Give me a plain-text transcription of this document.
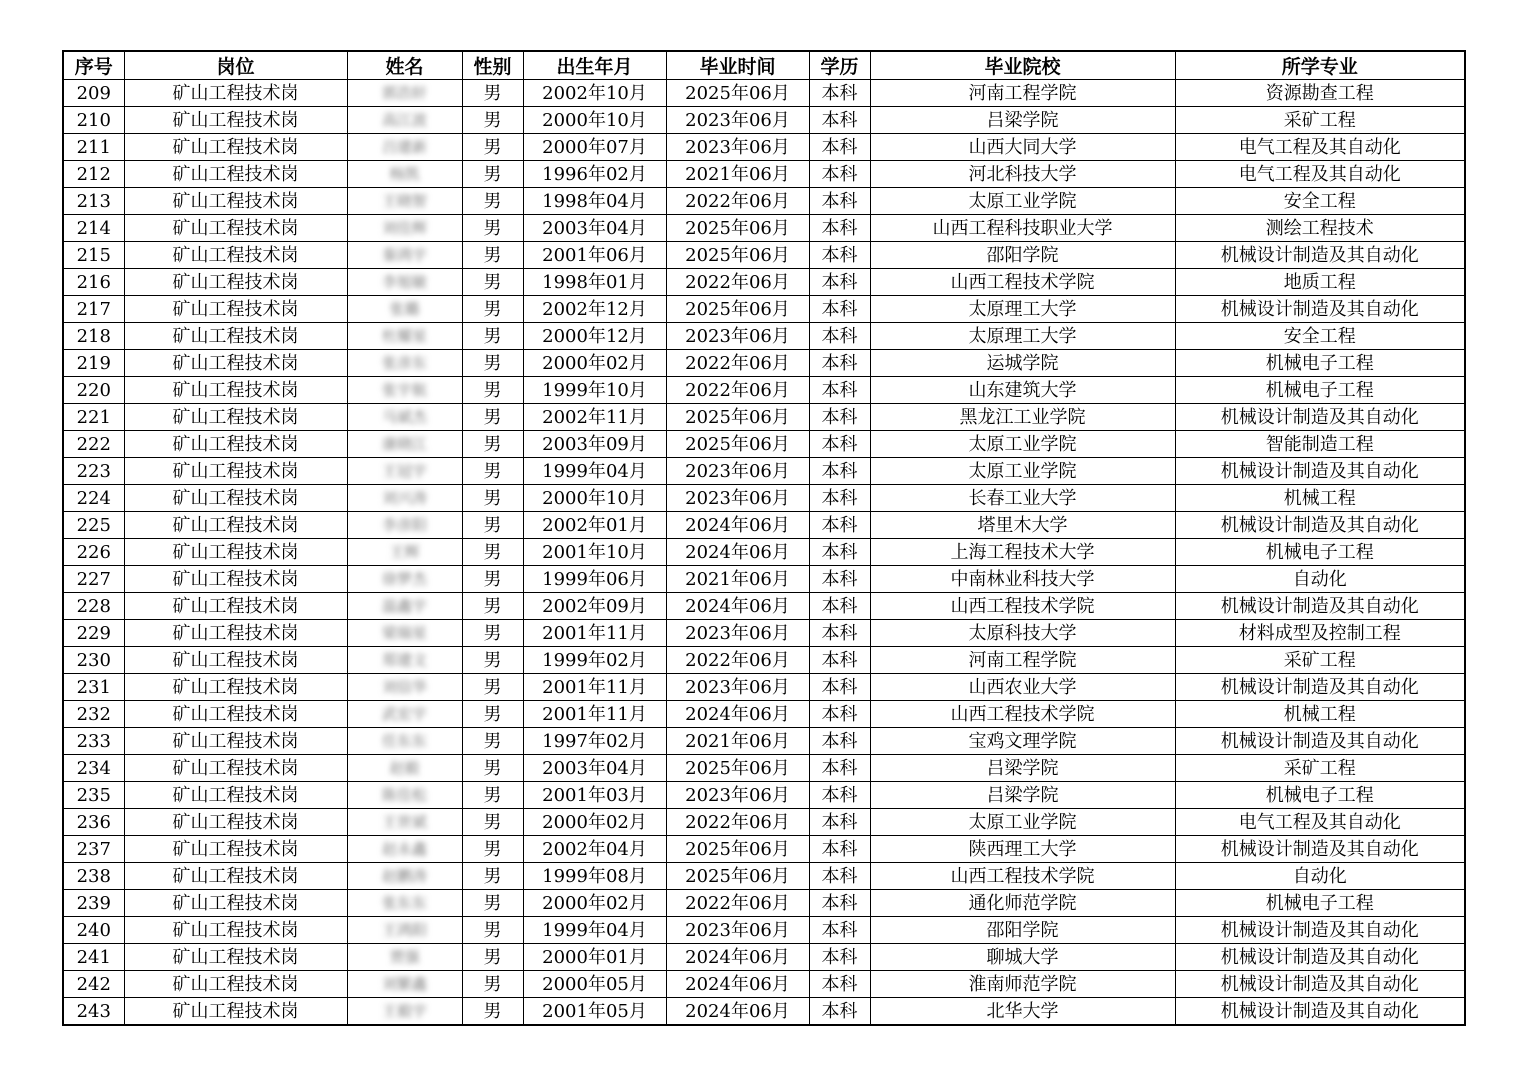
序号	岗位	姓名	性别	出生年月	毕业时间	学历	毕业院校	所学专业
209	矿山工程技术岗	郭浩轩	男	2002年10月	2025年06月	本科	河南工程学院	资源勘查工程
210	矿山工程技术岗	高江波	男	2000年10月	2023年06月	本科	吕梁学院	采矿工程
211	矿山工程技术岗	吕建新	男	2000年07月	2023年06月	本科	山西大同大学	电气工程及其自动化
212	矿山工程技术岗	杨凯	男	1996年02月	2021年06月	本科	河北科技大学	电气工程及其自动化
213	矿山工程技术岗	王晓智	男	1998年04月	2022年06月	本科	太原工业学院	安全工程
214	矿山工程技术岗	刘佳辉	男	2003年04月	2025年06月	本科	山西工程科技职业大学	测绘工程技术
215	矿山工程技术岗	秦鸿宇	男	2001年06月	2025年06月	本科	邵阳学院	机械设计制造及其自动化
216	矿山工程技术岗	李旭敏	男	1998年01月	2022年06月	本科	山西工程技术学院	地质工程
217	矿山工程技术岗	张璐	男	2002年12月	2025年06月	本科	太原理工大学	机械设计制造及其自动化
218	矿山工程技术岗	杜耀星	男	2000年12月	2023年06月	本科	太原理工大学	安全工程
219	矿山工程技术岗	张彦东	男	2000年02月	2022年06月	本科	运城学院	机械电子工程
220	矿山工程技术岗	张宇航	男	1999年10月	2022年06月	本科	山东建筑大学	机械电子工程
221	矿山工程技术岗	马斌杰	男	2002年11月	2025年06月	本科	黑龙江工业学院	机械设计制造及其自动化
222	矿山工程技术岗	康晓江	男	2003年09月	2025年06月	本科	太原工业学院	智能制造工程
223	矿山工程技术岗	王冠宇	男	1999年04月	2023年06月	本科	太原工业学院	机械设计制造及其自动化
224	矿山工程技术岗	刘兴涛	男	2000年10月	2023年06月	本科	长春工业大学	机械工程
225	矿山工程技术岗	李彦阳	男	2002年01月	2024年06月	本科	塔里木大学	机械设计制造及其自动化
226	矿山工程技术岗	王辉	男	2001年10月	2024年06月	本科	上海工程技术大学	机械电子工程
227	矿山工程技术岗	徐梦杰	男	1999年06月	2021年06月	本科	中南林业科技大学	自动化
228	矿山工程技术岗	温鑫宇	男	2002年09月	2024年06月	本科	山西工程技术学院	机械设计制造及其自动化
229	矿山工程技术岗	梁瑞星	男	2001年11月	2023年06月	本科	太原科技大学	材料成型及控制工程
230	矿山工程技术岗	郑建文	男	1999年02月	2022年06月	本科	河南工程学院	采矿工程
231	矿山工程技术岗	刘信华	男	2001年11月	2023年06月	本科	山西农业大学	机械设计制造及其自动化
232	矿山工程技术岗	武宏宇	男	2001年11月	2024年06月	本科	山西工程技术学院	机械工程
233	矿山工程技术岗	任东东	男	1997年02月	2021年06月	本科	宝鸡文理学院	机械设计制造及其自动化
234	矿山工程技术岗	赵毅	男	2003年04月	2025年06月	本科	吕梁学院	采矿工程
235	矿山工程技术岗	陈佳松	男	2001年03月	2023年06月	本科	吕梁学院	机械电子工程
236	矿山工程技术岗	王世斌	男	2000年02月	2022年06月	本科	太原工业学院	电气工程及其自动化
237	矿山工程技术岗	赵永鑫	男	2002年04月	2025年06月	本科	陕西理工大学	机械设计制造及其自动化
238	矿山工程技术岗	赵鹏涛	男	1999年08月	2025年06月	本科	山西工程技术学院	自动化
239	矿山工程技术岗	张东东	男	2000年02月	2022年06月	本科	通化师范学院	机械电子工程
240	矿山工程技术岗	王鸿阳	男	1999年04月	2023年06月	本科	邵阳学院	机械设计制造及其自动化
241	矿山工程技术岗	贾强	男	2000年01月	2024年06月	本科	聊城大学	机械设计制造及其自动化
242	矿山工程技术岗	刘繁鑫	男	2000年05月	2024年06月	本科	淮南师范学院	机械设计制造及其自动化
243	矿山工程技术岗	王毅宇	男	2001年05月	2024年06月	本科	北华大学	机械设计制造及其自动化
